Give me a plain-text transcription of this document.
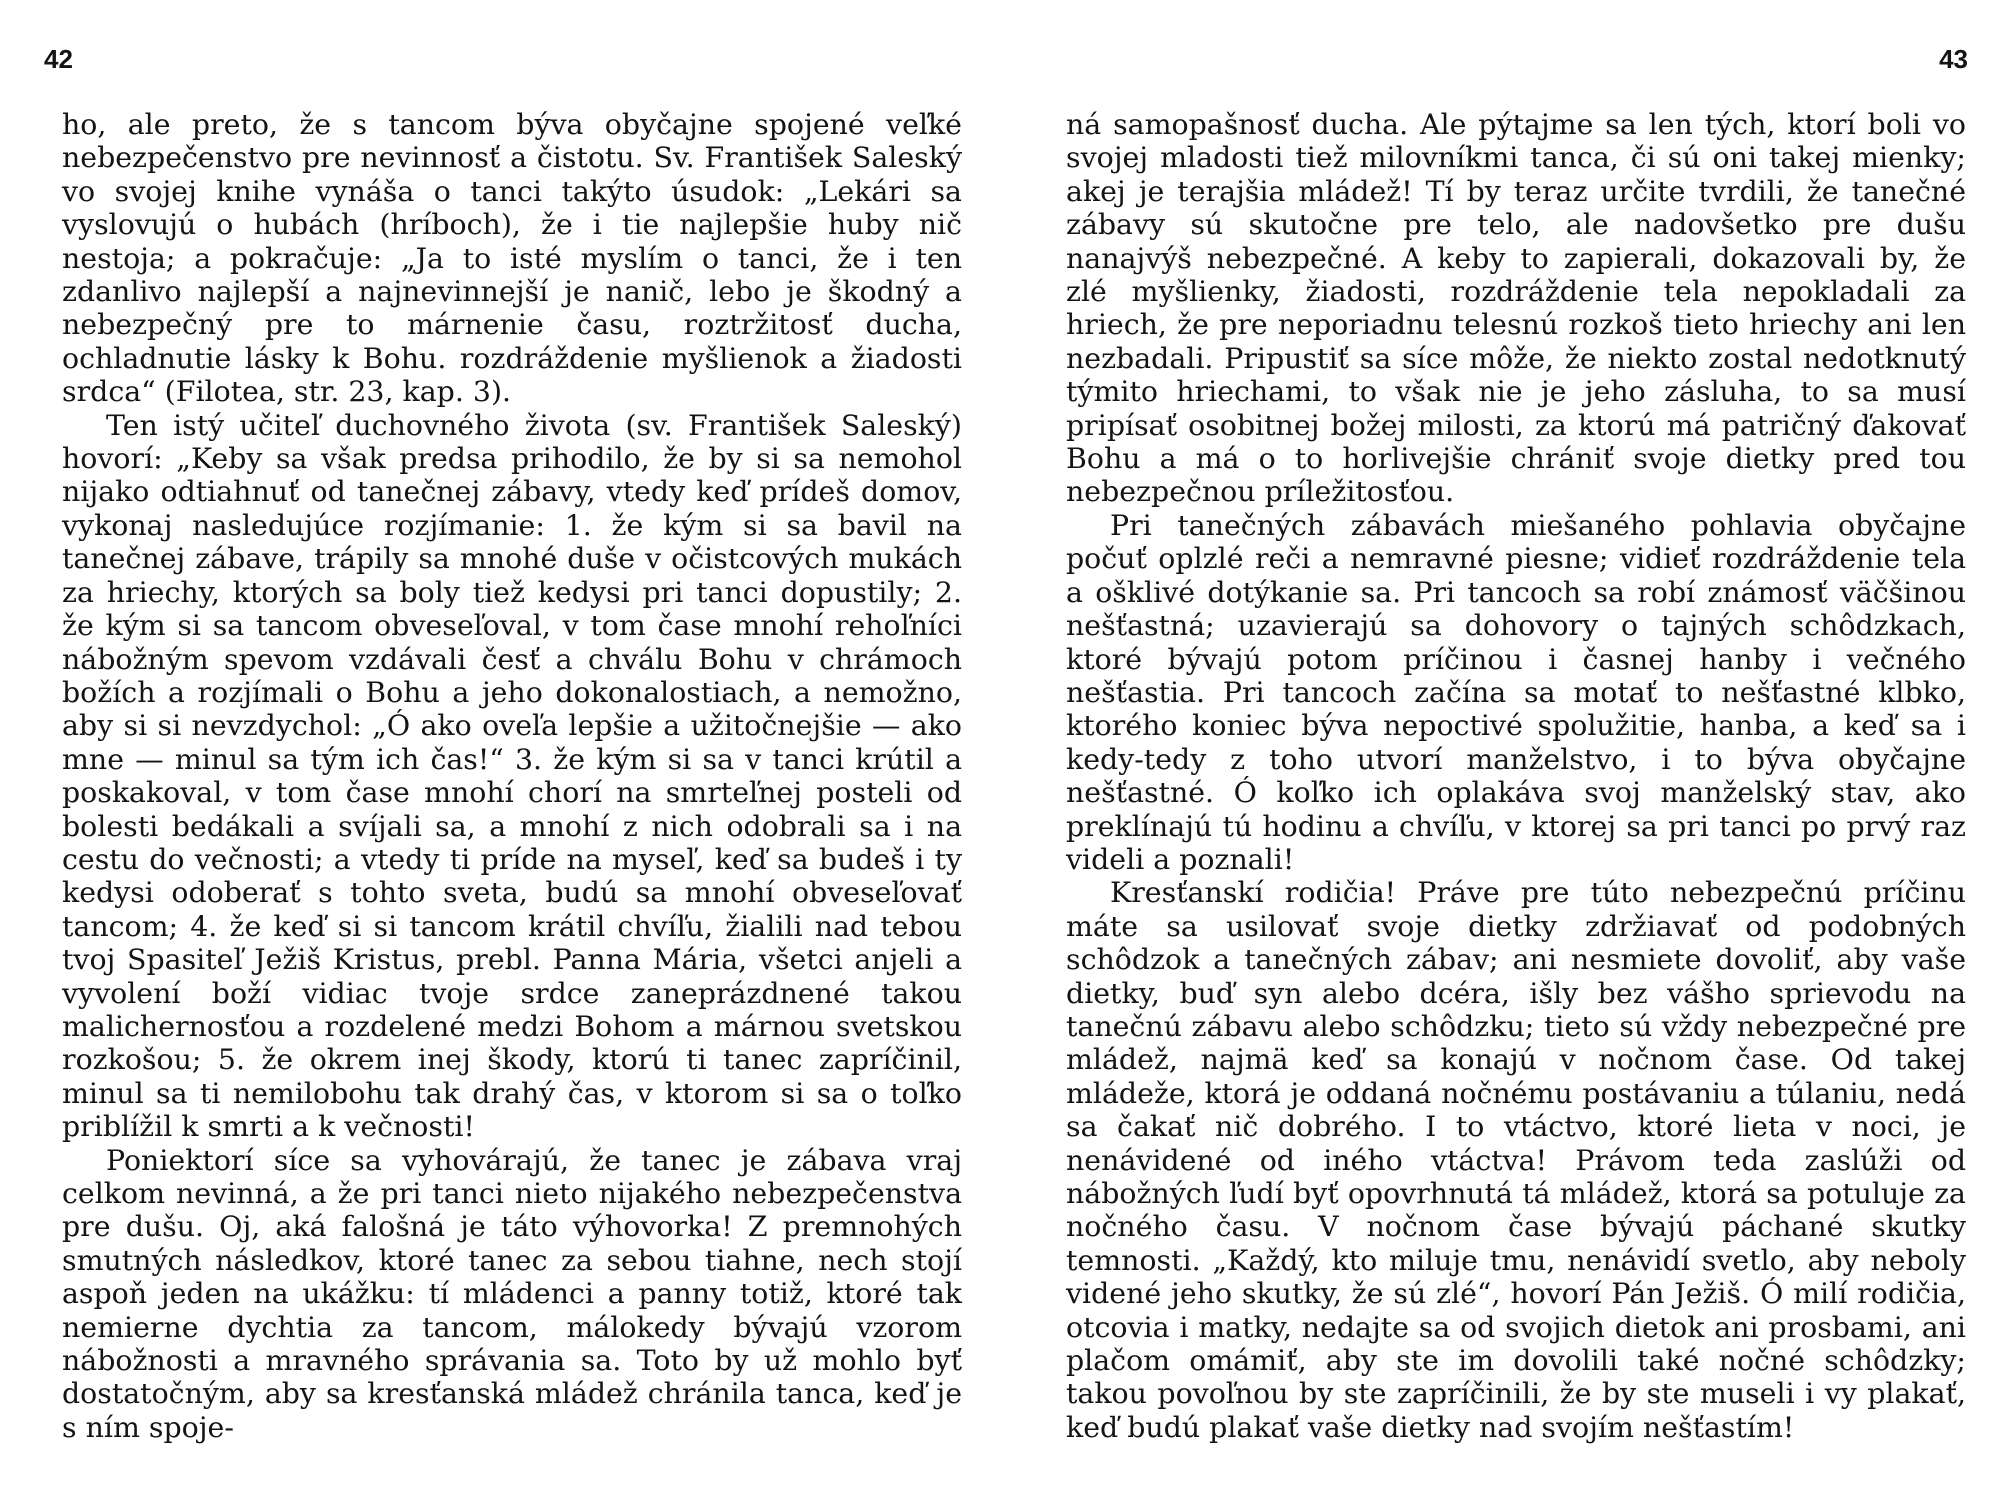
42

ho, ale preto, že s tancom býva obyčajne spojené veľké nebezpečenstvo pre nevinnosť a čistotu. Sv. František Saleský vo svojej knihe vynáša o tanci takýto úsudok: „Lekári sa vyslovujú o hubách (hríboch), že i tie najlepšie huby nič nestoja; a pokračuje: „Ja to isté myslím o tanci, že i ten zdanlivo najlepší a najnevinnejší je nanič, lebo je škodný a nebezpečný pre to márnenie času, roztržitosť ducha, ochladnutie lásky k Bohu. rozdráždenie myšlienok a žiadosti srdca“ (Filotea, str. 23, kap. 3).

Ten istý učiteľ duchovného života (sv. František Saleský) hovorí: „Keby sa však predsa prihodilo, že by si sa nemohol nijako odtiahnuť od tanečnej zábavy, vtedy keď prídeš domov, vykonaj nasledujúce rozjímanie: 1. že kým si sa bavil na tanečnej zábave, trápily sa mnohé duše v očistcových mukách za hriechy, ktorých sa boly tiež kedysi pri tanci dopustily; 2. že kým si sa tancom obveseľoval, v tom čase mnohí rehoľníci nábožným spevom vzdávali česť a chválu Bohu v chrámoch božích a rozjímali o Bohu a jeho dokonalostiach, a nemožno, aby si si nevzdychol: „Ó ako oveľa lepšie a užitočnejšie — ako mne — minul sa tým ich čas!“ 3. že kým si sa v tanci krútil a poskakoval, v tom čase mnohí chorí na smrteľnej posteli od bolesti bedákali a svíjali sa, a mnohí z nich odobrali sa i na cestu do večnosti; a vtedy ti príde na myseľ, keď sa budeš i ty kedysi odoberať s tohto sveta, budú sa mnohí obveseľovať tancom; 4. že keď si si tancom krátil chvíľu, žialili nad tebou tvoj Spasiteľ Ježiš Kristus, prebl. Panna Mária, všetci anjeli a vyvolení boží vidiac tvoje srdce zaneprázdnené takou malichernosťou a rozdelené medzi Bohom a márnou svetskou rozkošou; 5. že okrem inej škody, ktorú ti tanec zapríčinil, minul sa ti nemilobohu tak drahý čas, v ktorom si sa o toľko priblížil k smrti a k večnosti!

Poniektorí síce sa vyhovárajú, že tanec je zábava vraj celkom nevinná, a že pri tanci nieto nijakého nebezpečenstva pre dušu. Oj, aká falošná je táto výhovorka! Z premnohých smutných následkov, ktoré tanec za sebou tiahne, nech stojí aspoň jeden na ukážku: tí mládenci a panny totiž, ktoré tak nemierne dychtia za tancom, málokedy bývajú vzorom nábožnosti a mravného správania sa. Toto by už mohlo byť dostatočným, aby sa kresťanská mládež chránila tanca, keď je s ním spoje-

43

ná samopašnosť ducha. Ale pýtajme sa len tých, ktorí boli vo svojej mladosti tiež milovníkmi tanca, či sú oni takej mienky; akej je terajšia mládež! Tí by teraz určite tvrdili, že tanečné zábavy sú skutočne pre telo, ale nadovšetko pre dušu nanajvýš nebezpečné. A keby to zapierali, dokazovali by, že zlé myšlienky, žiadosti, rozdráždenie tela nepokladali za hriech, že pre neporiadnu telesnú rozkoš tieto hriechy ani len nezbadali. Pripustiť sa síce môže, že niekto zostal nedotknutý týmito hriechami, to však nie je jeho zásluha, to sa musí pripísať osobitnej božej milosti, za ktorú má patričný ďakovať Bohu a má o to horlivejšie chrániť svoje dietky pred tou nebezpečnou príležitosťou.

Pri tanečných zábavách miešaného pohlavia obyčajne počuť oplzlé reči a nemravné piesne; vidieť rozdráždenie tela a ošklivé dotýkanie sa. Pri tancoch sa robí známosť väčšinou nešťastná; uzavierajú sa dohovory o tajných schôdzkach, ktoré bývajú potom príčinou i časnej hanby i večného nešťastia. Pri tancoch začína sa motať to nešťastné klbko, ktorého koniec býva nepoctivé spolužitie, hanba, a keď sa i kedy-tedy z toho utvorí manželstvo, i to býva obyčajne nešťastné. Ó koľko ich oplakáva svoj manželský stav, ako preklínajú tú hodinu a chvíľu, v ktorej sa pri tanci po prvý raz videli a poznali!

Kresťanskí rodičia! Práve pre túto nebezpečnú príčinu máte sa usilovať svoje dietky zdržiavať od podobných schôdzok a tanečných zábav; ani nesmiete dovoliť, aby vaše dietky, buď syn alebo dcéra, išly bez vášho sprievodu na tanečnú zábavu alebo schôdzku; tieto sú vždy nebezpečné pre mládež, najmä keď sa konajú v nočnom čase. Od takej mládeže, ktorá je oddaná nočnému postávaniu a túlaniu, nedá sa čakať nič dobrého. I to vtáctvo, ktoré lieta v noci, je nenávidené od iného vtáctva! Právom teda zaslúži od nábožných ľudí byť opovrhnutá tá mládež, ktorá sa potuluje za nočného času. V nočnom čase bývajú páchané skutky temnosti. „Každý, kto miluje tmu, nenávidí svetlo, aby neboly videné jeho skutky, že sú zlé“, hovorí Pán Ježiš. Ó milí rodičia, otcovia i matky, nedajte sa od svojich dietok ani prosbami, ani plačom omámiť, aby ste im dovolili také nočné schôdzky; takou povoľnou by ste zapríčinili, že by ste museli i vy plakať, keď budú plakať vaše dietky nad svojím nešťastím!
